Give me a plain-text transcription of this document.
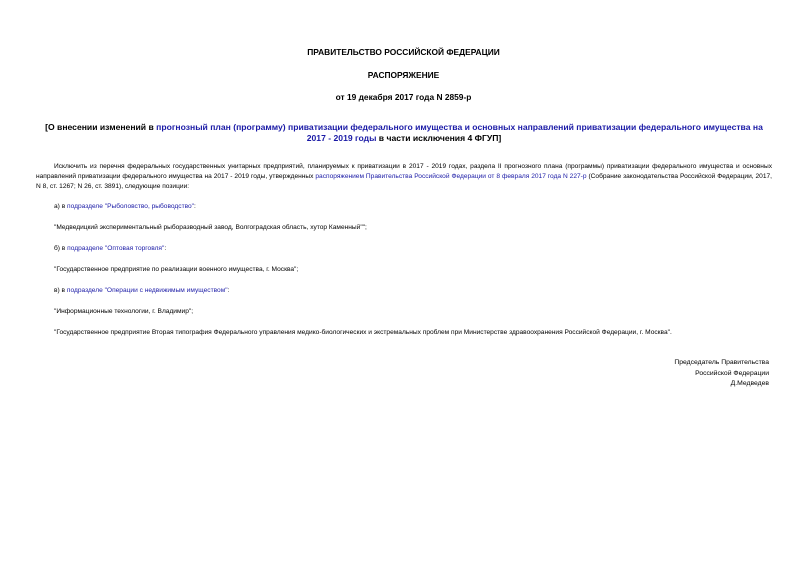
ПРАВИТЕЛЬСТВО РОССИЙСКОЙ ФЕДЕРАЦИИ
РАСПОРЯЖЕНИЕ
от 19 декабря 2017 года N 2859-р
[О внесении изменений в прогнозный план (программу) приватизации федерального имущества и основных направлений приватизации федерального имущества на 2017 - 2019 годы в части исключения 4 ФГУП]
Исключить из перечня федеральных государственных унитарных предприятий, планируемых к приватизации в 2017 - 2019 годах, раздела II прогнозного плана (программы) приватизации федерального имущества и основных направлений приватизации федерального имущества на 2017 - 2019 годы, утвержденных распоряжением Правительства Российской Федерации от 8 февраля 2017 года N 227-р (Собрание законодательства Российской Федерации, 2017, N 8, ст. 1267; N 26, ст. 3891), следующие позиции:
а) в подразделе "Рыболовство, рыбоводство":
"Медведицкий экспериментальный рыборазводный завод, Волгоградская область, хутор Каменный"";
б) в подразделе "Оптовая торговля":
"Государственное предприятие по реализации военного имущества, г. Москва";
в) в подразделе "Операции с недвижимым имуществом":
"Информационные технологии, г. Владимир";
"Государственное предприятие Вторая типография Федерального управления медико-биологических и экстремальных проблем при Министерстве здравоохранения Российской Федерации, г. Москва".
Председатель Правительства
Российской Федерации
Д.Медведев
